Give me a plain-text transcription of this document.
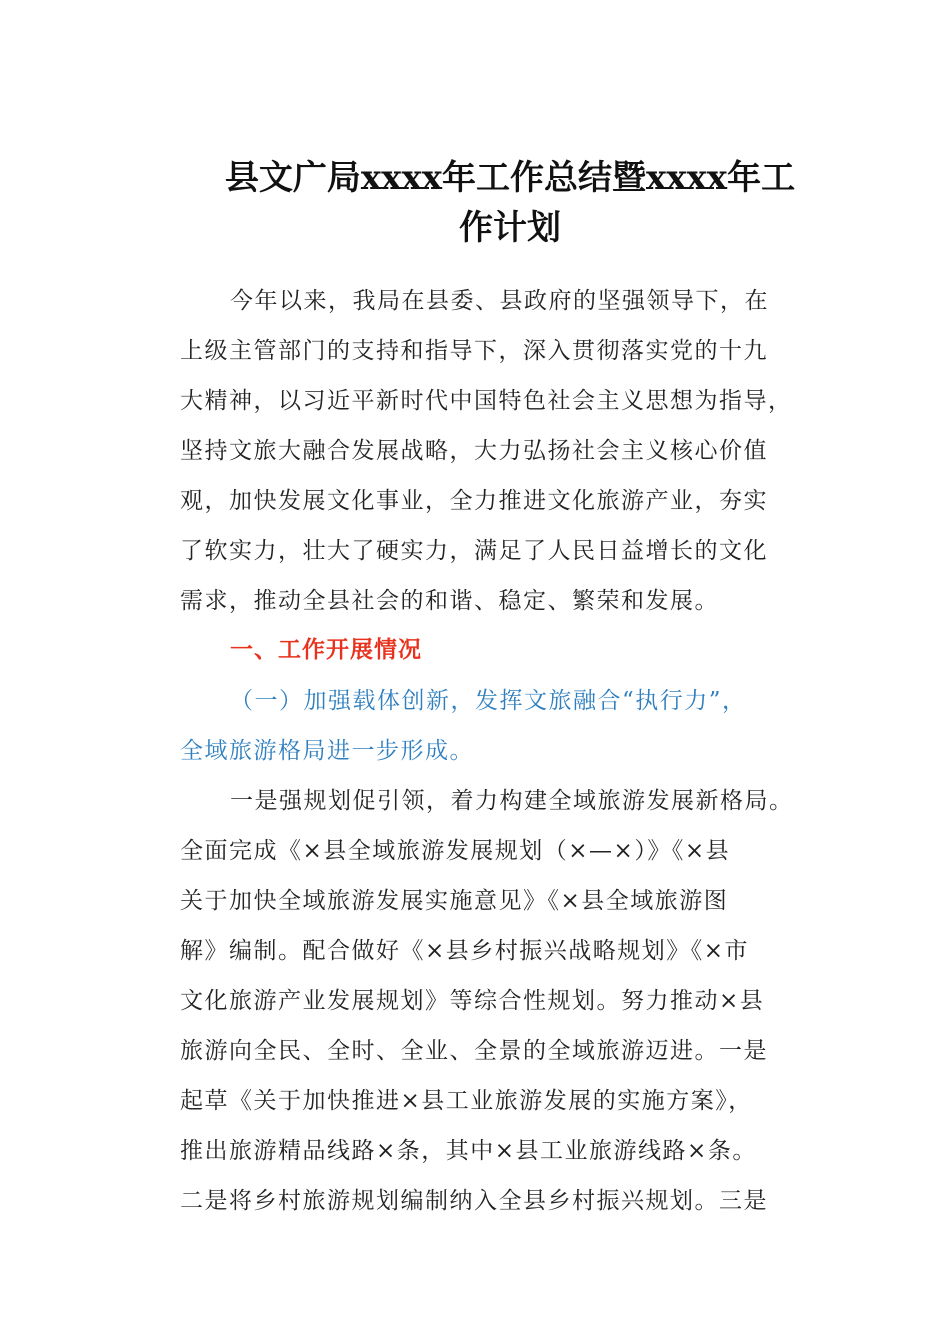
县文广局xxxx年工作总结暨xxxx年工
作计划
今年以来，我局在县委、县政府的坚强领导下，在
上级主管部门的支持和指导下，深入贯彻落实党的十九
大精神，以习近平新时代中国特色社会主义思想为指导，
坚持文旅大融合发展战略，大力弘扬社会主义核心价值
观，加快发展文化事业，全力推进文化旅游产业，夯实
了软实力，壮大了硬实力，满足了人民日益增长的文化
需求，推动全县社会的和谐、稳定、繁荣和发展。
一、工作开展情况
（一）加强载体创新，发挥文旅融合“执行力”，
全域旅游格局进一步形成。
一是强规划促引领，着力构建全域旅游发展新格局。
全面完成《×县全域旅游发展规划（×—×）》《×县
关于加快全域旅游发展实施意见》《×县全域旅游图
解》编制。配合做好《×县乡村振兴战略规划》《×市
文化旅游产业发展规划》等综合性规划。努力推动×县
旅游向全民、全时、全业、全景的全域旅游迈进。一是
起草《关于加快推进×县工业旅游发展的实施方案》，
推出旅游精品线路×条，其中×县工业旅游线路×条。
二是将乡村旅游规划编制纳入全县乡村振兴规划。三是
